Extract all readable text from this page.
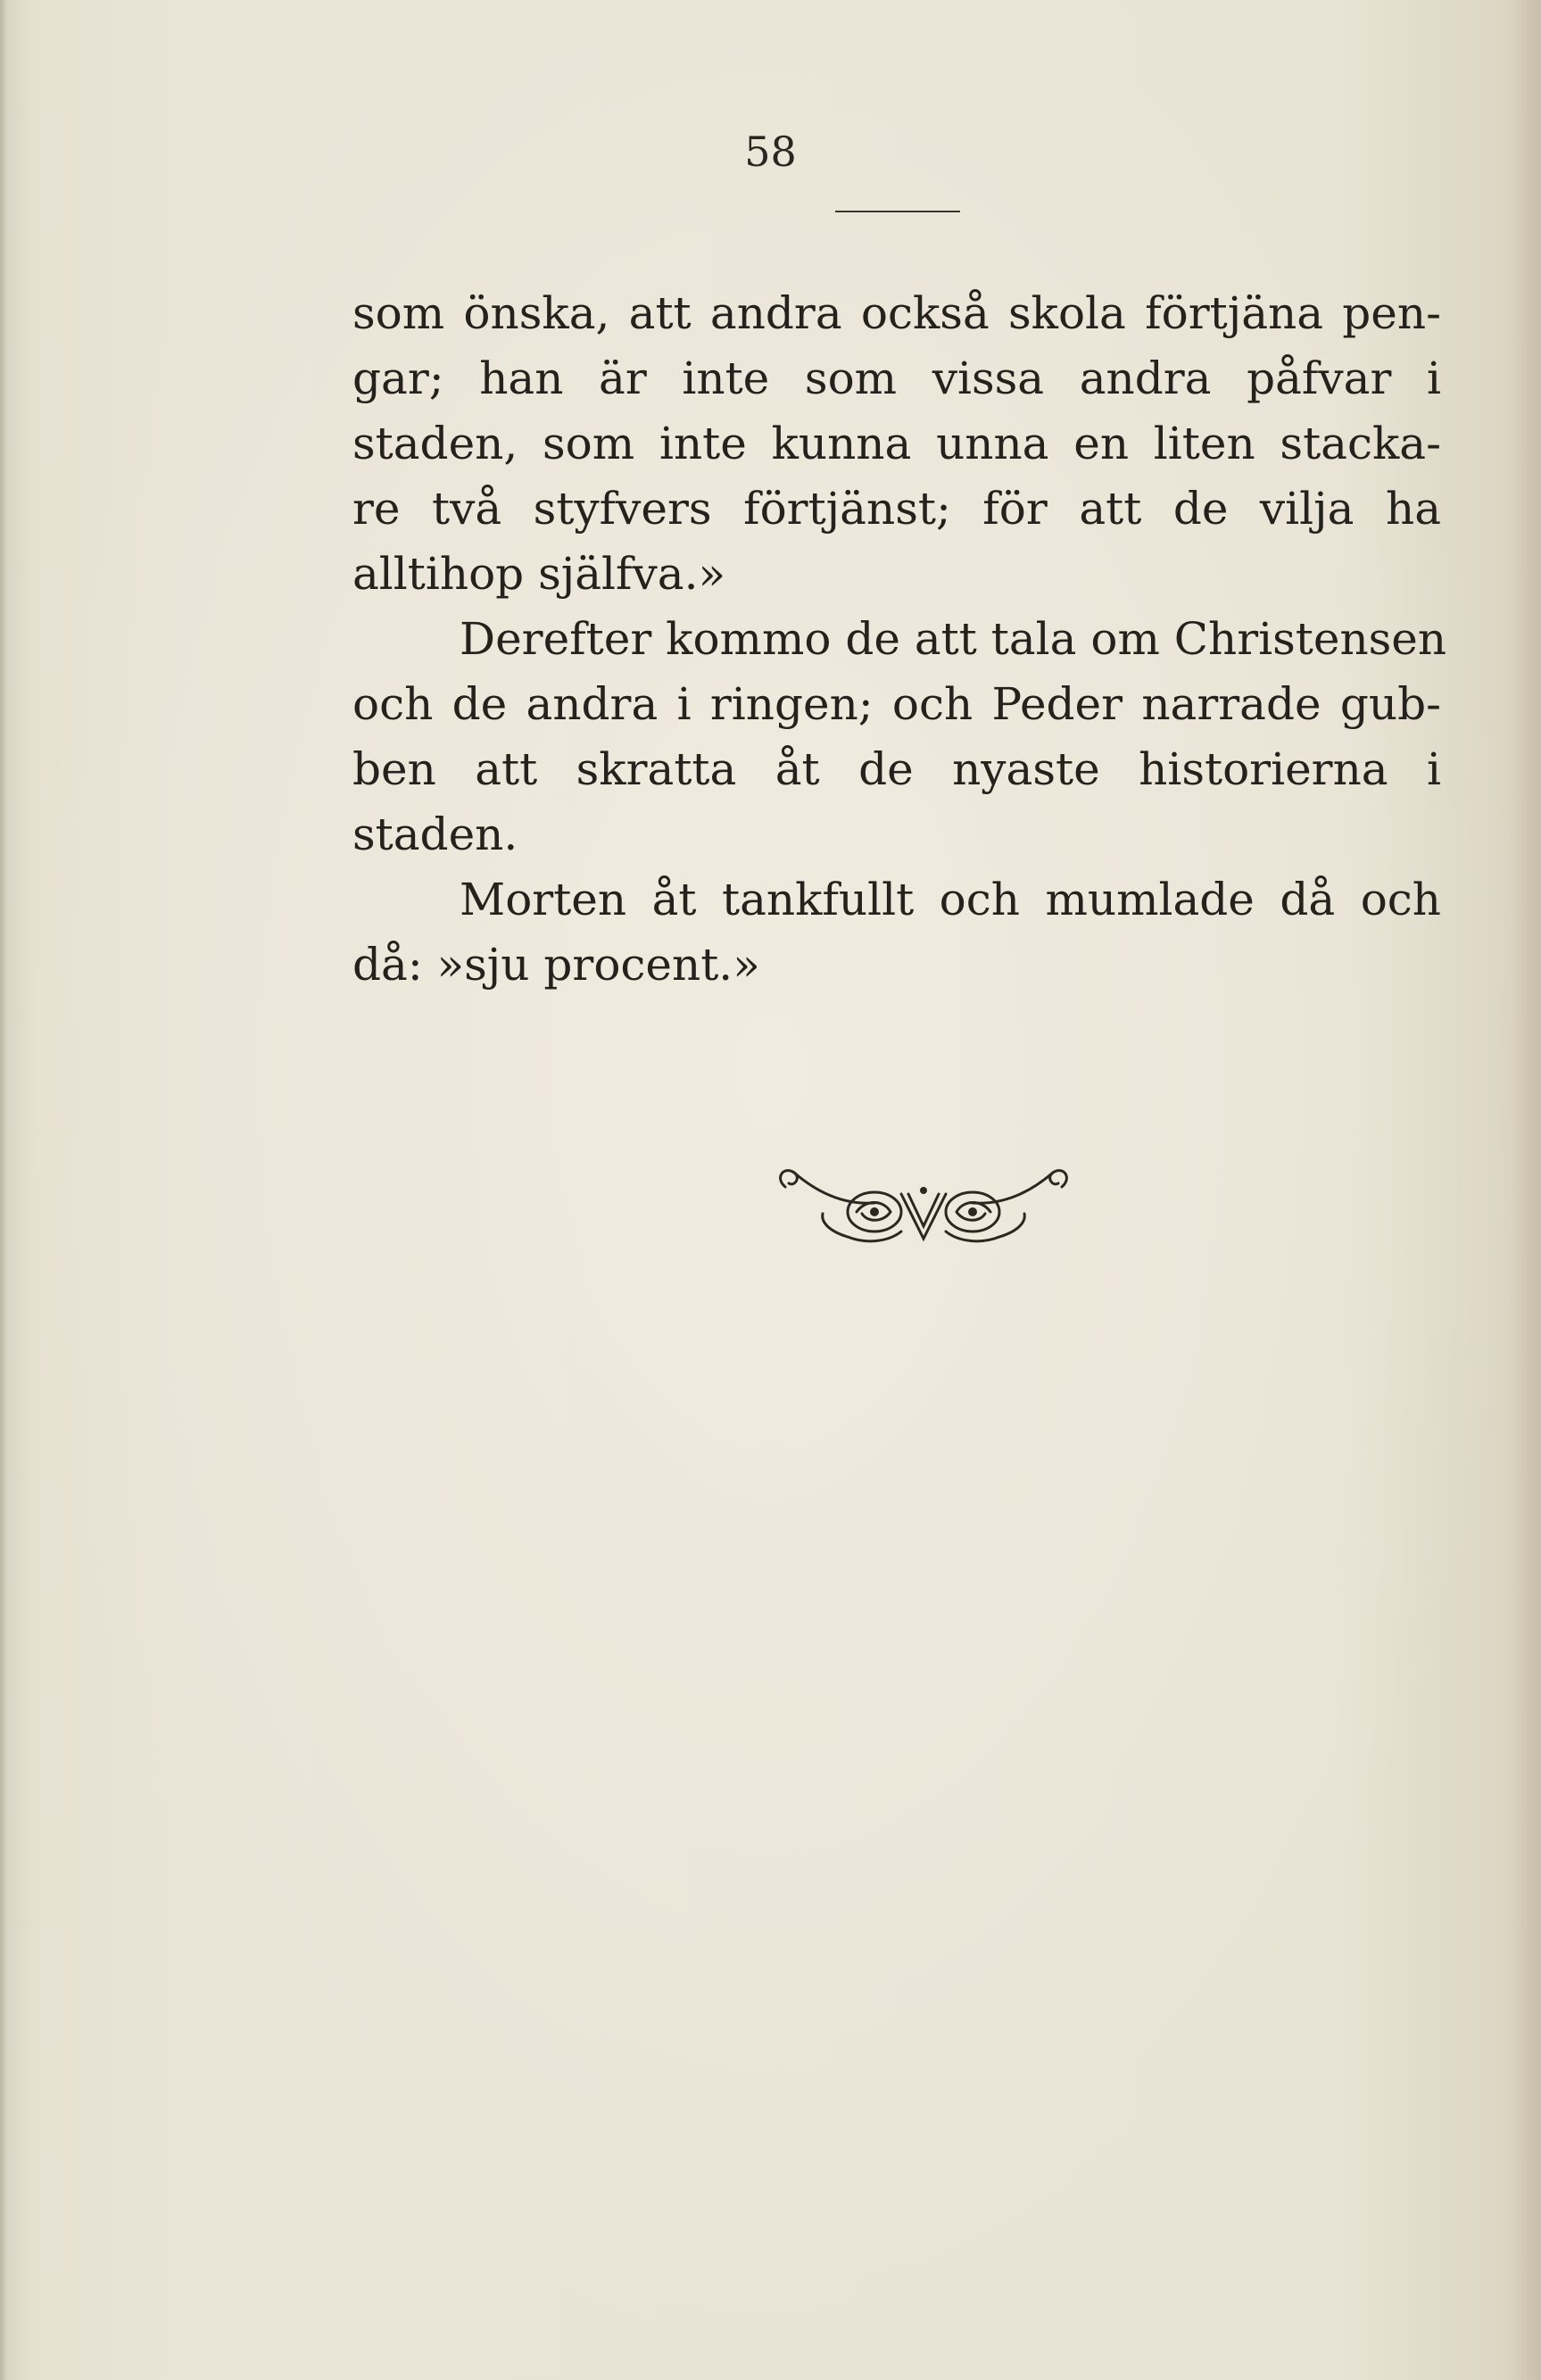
58
som önska, att andra också skola förtjäna pen-
gar; han är inte som vissa andra påfvar i
staden, som inte kunna unna en liten stacka-
re två styfvers förtjänst; för att de vilja ha
alltihop själfva.»
Derefter kommo de att tala om Christensen
och de andra i ringen; och Peder narrade gub-
ben att skratta åt de nyaste historierna i
staden.
Morten åt tankfullt och mumlade då och
då: »sju procent.»
